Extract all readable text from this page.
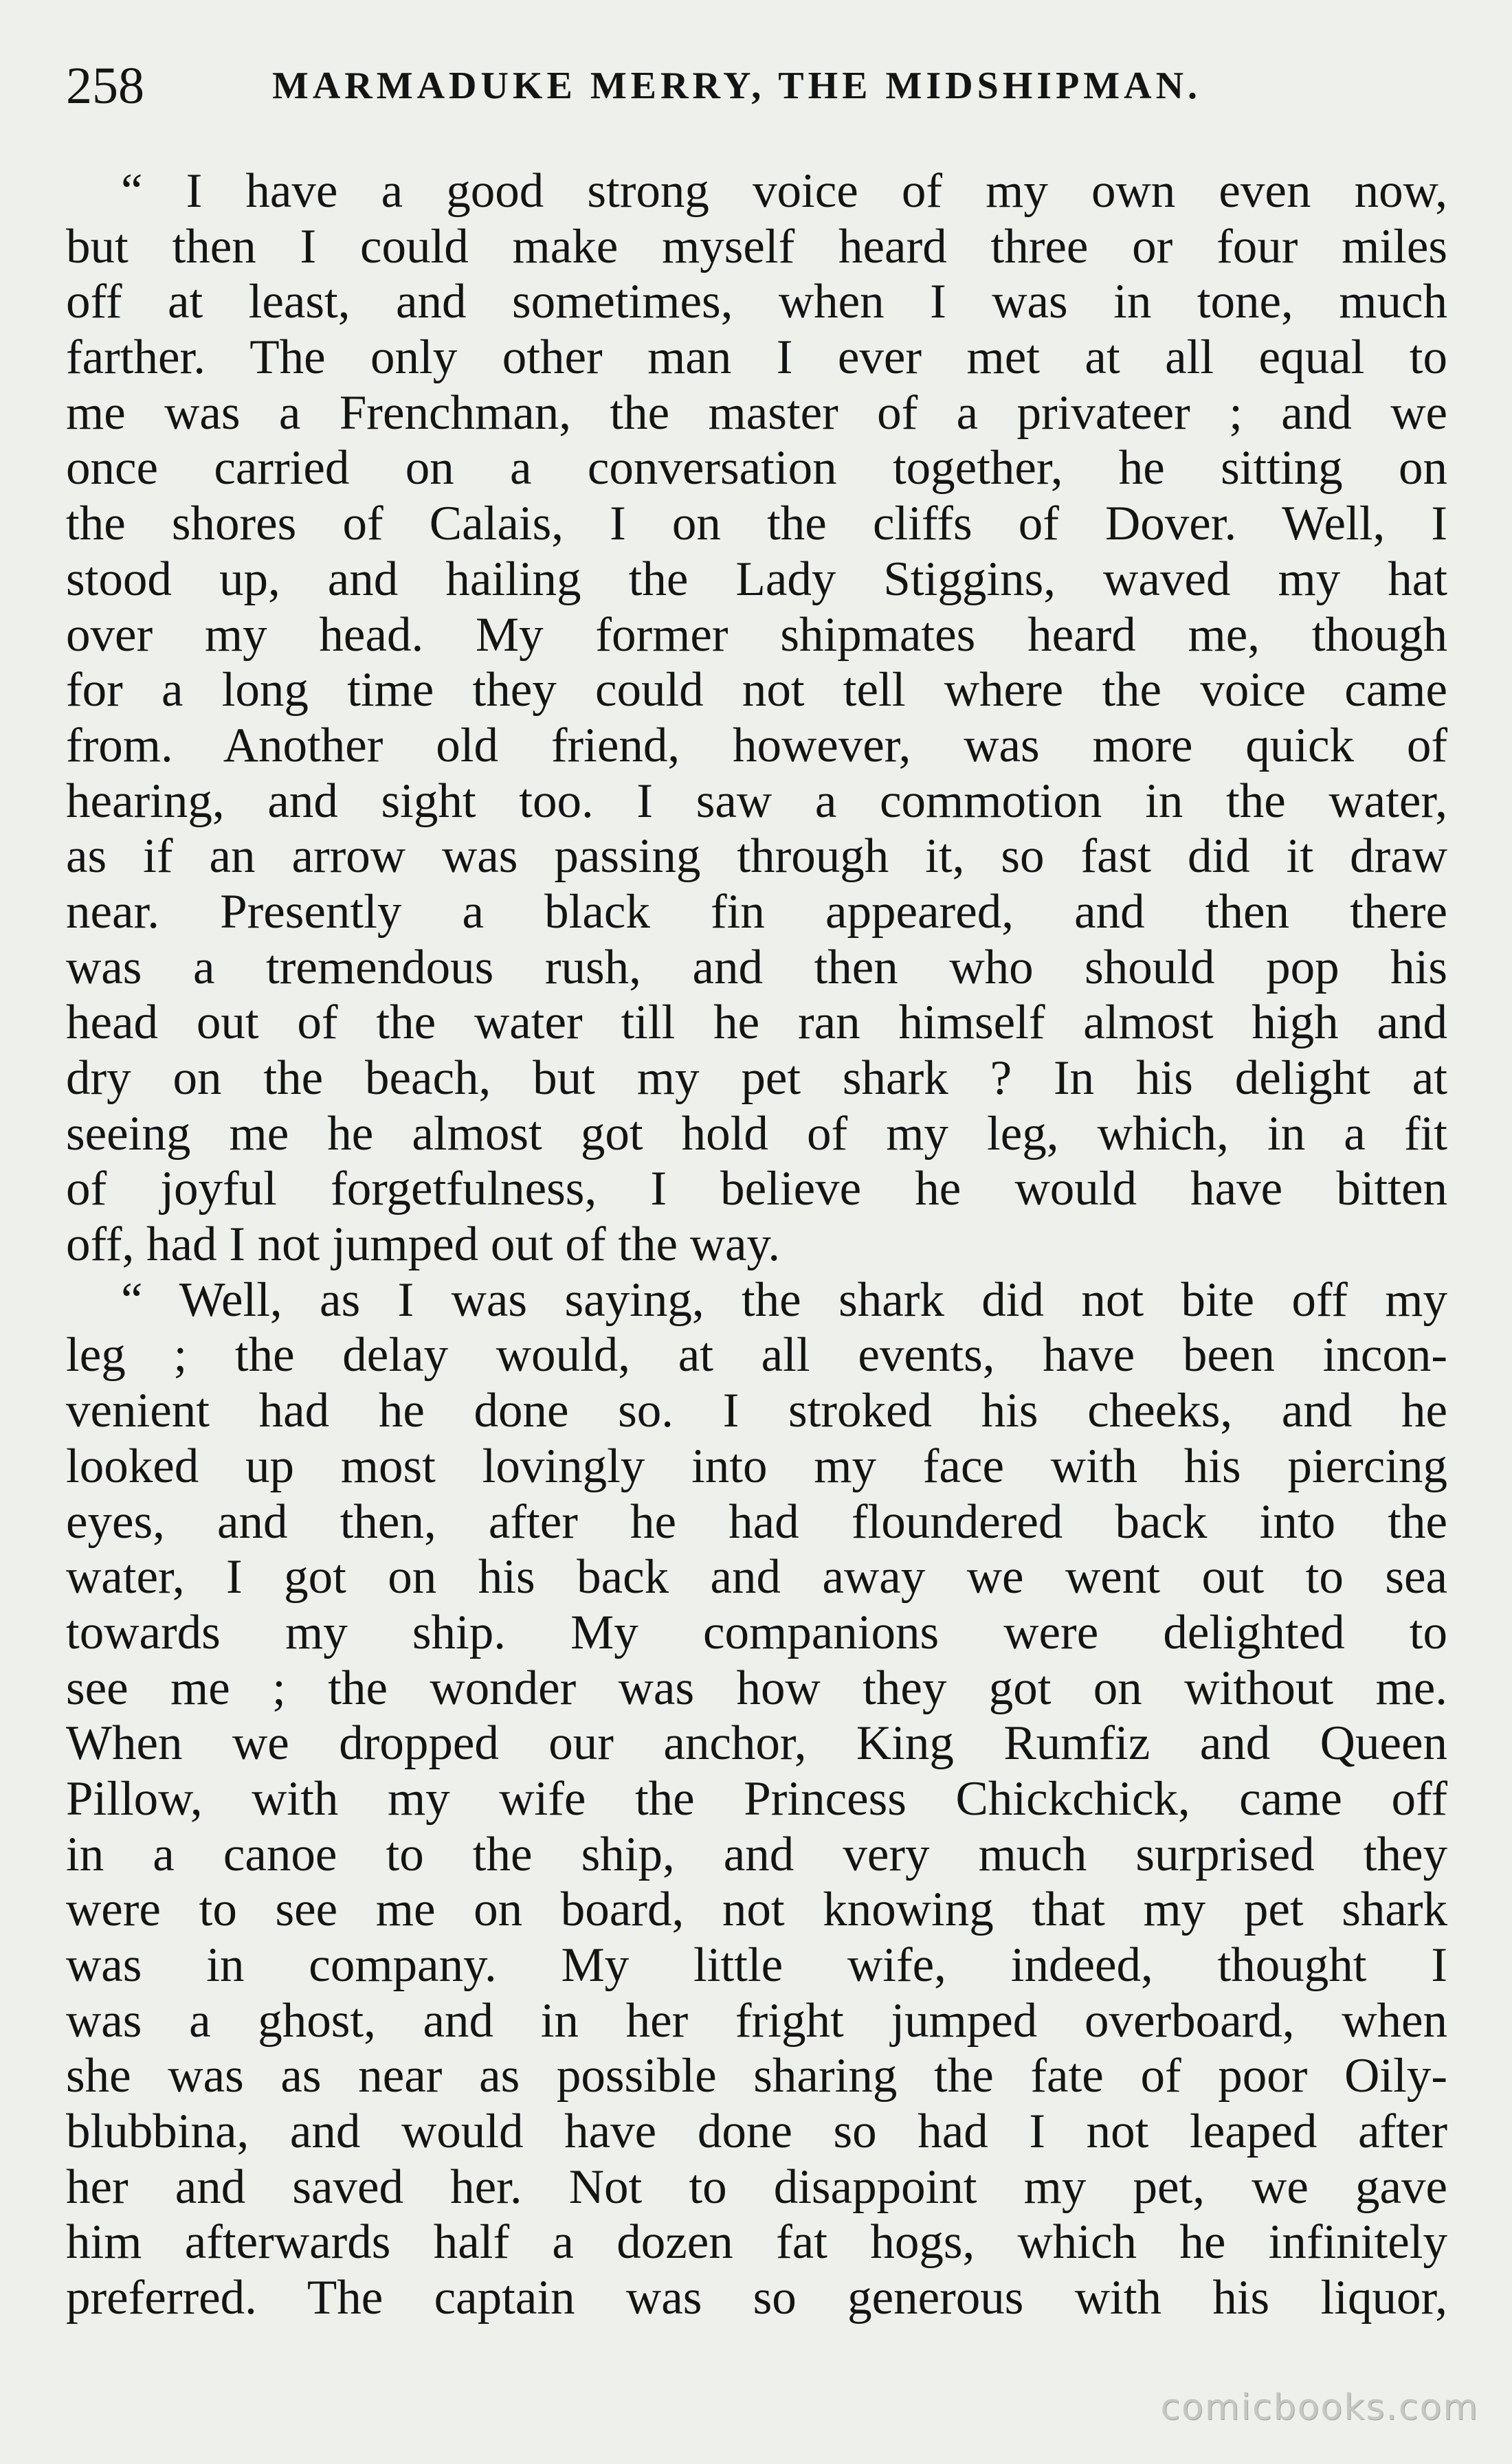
258	MARMADUKE MERRY, THE MIDSHIPMAN.
“ I have a good strong voice of my own even now,
but then I could make myself heard three or four miles
off at least, and sometimes, when I was in tone, much
farther. The only other man I ever met at all equal to
me was a Frenchman, the master of a privateer ; and we
once carried on a conversation together, he sitting on
the shores of Calais, I on the cliffs of Dover. Well, I
stood up, and hailing the Lady Stiggins, waved my hat
over my head. My former shipmates heard me, though
for a long time they could not tell where the voice came
from. Another old friend, however, was more quick of
hearing, and sight too. I saw a commotion in the water,
as if an arrow was passing through it, so fast did it draw
near. Presently a black fin appeared, and then there
was a tremendous rush, and then who should pop his
head out of the water till he ran himself almost high and
dry on the beach, but my pet shark ? In his delight at
seeing me he almost got hold of my leg, which, in a fit
of joyful forgetfulness, I believe he would have bitten
off, had I not jumped out of the way.
“ Well, as I was saying, the shark did not bite off my
leg ; the delay would, at all events, have been incon-
venient had he done so. I stroked his cheeks, and he
looked up most lovingly into my face with his piercing
eyes, and then, after he had floundered back into the
water, I got on his back and away we went out to sea
towards my ship. My companions were delighted to
see me ; the wonder was how they got on without me.
When we dropped our anchor, King Rumfiz and Queen
Pillow, with my wife the Princess Chickchick, came off
in a canoe to the ship, and very much surprised they
were to see me on board, not knowing that my pet shark
was in company. My little wife, indeed, thought I
was a ghost, and in her fright jumped overboard, when
she was as near as possible sharing the fate of poor Oily-
blubbina, and would have done so had I not leaped after
her and saved her. Not to disappoint my pet, we gave
him afterwards half a dozen fat hogs, which he infinitely
preferred. The captain was so generous with his liquor,
comicbooks.com
